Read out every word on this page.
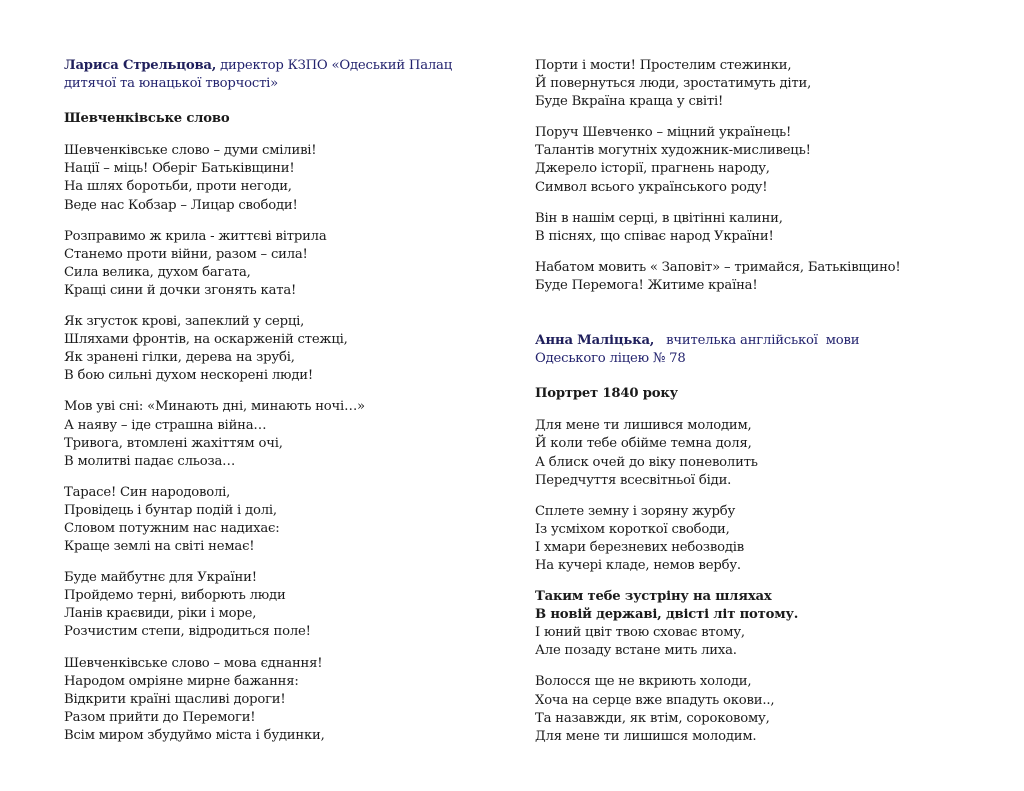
Лариса Стрельцова, директор КЗПО «Одеський Палац
дитячої та юнацької творчості»

Шевченківське слово
Шевченківське слово – думи сміливі!
Нації – міць! Оберіг Батьківщини!
На шлях боротьби, проти негоди,
Веде нас Кобзар – Лицар свободи!
Розправимо ж крила - життєві вітрила
Станемо проти війни, разом – сила!
Сила велика, духом багата,
Кращі сини й дочки згонять ката!
Як згусток крові, запеклий у серці,
Шляхами фронтів, на оскарженій стежці,
Як зранені гілки, дерева на зрубі,
В бою сильні духом нескорені люди!
Мов уві сні: «Минають дні, минають ночі…»
А наяву – іде страшна війна…
Тривога, втомлені жахіттям очі,
В молитві падає сльоза…
Тарасе! Син народоволі,
Провідець і бунтар подій і долі,
Словом потужним нас надихає:
Краще землі на світі немає!
Буде майбутнє для України!
Пройдемо терні, виборють люди
Ланів краєвиди, ріки і море,
Розчистим степи, відродиться поле!
Шевченківське слово – мова єднання!
Народом омріяне мирне бажання:
Відкрити країні щасливі дороги!
Разом прийти до Перемоги!
Всім миром збудуймо міста і будинки,
Порти і мости! Простелим стежинки,
Й повернуться люди, зростатимуть діти,
Буде Вкраїна краща у світі!
Поруч Шевченко – міцний українець!
Талантів могутніх художник-мисливець!
Джерело історії, прагнень народу,
Символ всього українського роду!
Він в нашім серці, в цвітінні калини,
В піснях, що співає народ України!
Набатом мовить « Заповіт» – тримайся, Батьківщино!
Буде Перемога! Житиме країна!

Анна Маліцька,   вчителька англійської  мови
Одеського ліцею № 78

Портрет 1840 року
Для мене ти лишився молодим,
Й коли тебе обійме темна доля,
А блиск очей до віку поневолить
Передчуття всесвітньої біди.
Сплете земну і зоряну журбу
Із усміхом короткої свободи,
І хмари березневих небозводів
На кучері кладе, немов вербу.
Таким тебе зустріну на шляхах
В новій державі, двісті літ потому.
І юний цвіт твою сховає втому,
Але позаду встане мить лиха.
Волосся ще не вкриють холоди,
Хоча на серце вже впадуть окови..,
Та назавжди, як втім, сороковому,
Для мене ти лишишся молодим.
